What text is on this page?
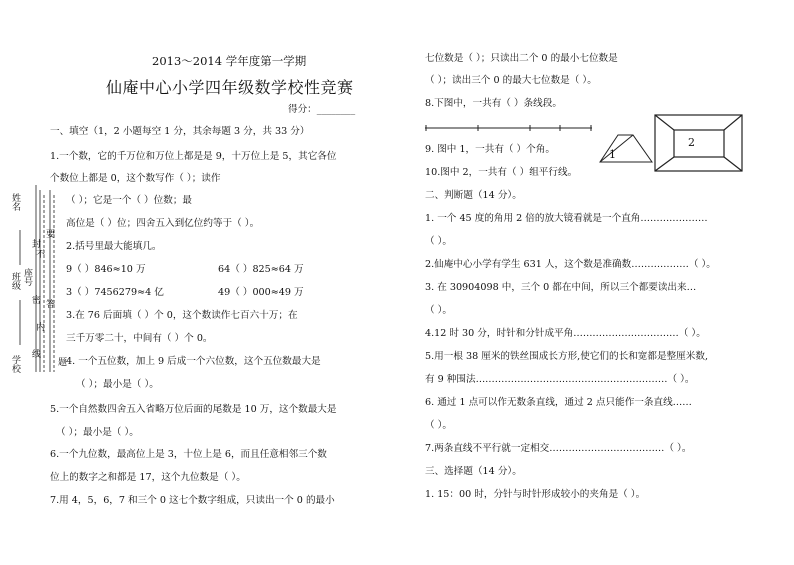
2013～2014 学年度第一学期
仙庵中心小学四年级数学校性竞赛
得分：________
姓名
班级 座号
学校
封
密
线
内
不
要
答
题
一、填空（1，2 小题每空 1 分，其余每题 3 分，共 33 分）
1.一个数，它的千万位和万位上都是是 9，十万位上是 5，其它各位
个数位上都是 0，这个数写作（ ）；读作
（ ）；它是一个（ ）位数；最
高位是（ ）位；四舍五入到亿位约等于（ ）。
2.括号里最大能填几。
9（ ）846≈10 万	64（ ）825≈64 万
3（ ）7456279≈4 亿	49（ ）000≈49 万
3.在 76 后面填（ ）个 0，这个数读作七百六十万；在
三千万零二十，中间有（ ）个 0。
4. 一个五位数，加上 9 后成一个六位数，这个五位数最大是
（ ）；最小是（ ）。
5.一个自然数四舍五入省略万位后面的尾数是 10 万，这个数最大是
（ ）；最小是（ ）。
6.一个九位数，最高位上是 3，十位上是 6，而且任意相邻三个数
位上的数字之和都是 17，这个九位数是（ ）。
7.用 4，5，6，7 和三个 0 这七个数字组成，只读出一个 0 的最小
七位数是（ ）；只读出二个 0 的最小七位数是
（ ）；读出三个 0 的最大七位数是（ ）。
8.下图中，一共有（ ）条线段。
1
2
9. 图中 1，一共有（ ）个角。
10.图中 2，一共有（ ）组平行线。
二、判断题（14 分）。
1. 一个 45 度的角用 2 倍的放大镜看就是一个直角…………………
（ ）。
2.仙庵中心小学有学生 631 人，这个数是准确数………………（ ）。
3. 在 30904098 中，三个 0 都在中间，所以三个都要读出来…
（ ）。
4.12 时 30 分，时针和分针成平角……………………………（ ）。
5.用一根 38 厘米的铁丝围成长方形,使它们的长和宽都是整厘米数,
有 9 种围法……………………………………………………（ ）。
6. 通过 1 点可以作无数条直线，通过 2 点只能作一条直线……
（ ）。
7.两条直线不平行就一定相交………………………………（ ）。
三、选择题（14 分）。
1. 15：00 时，分针与时针形成较小的夹角是（ ）。
